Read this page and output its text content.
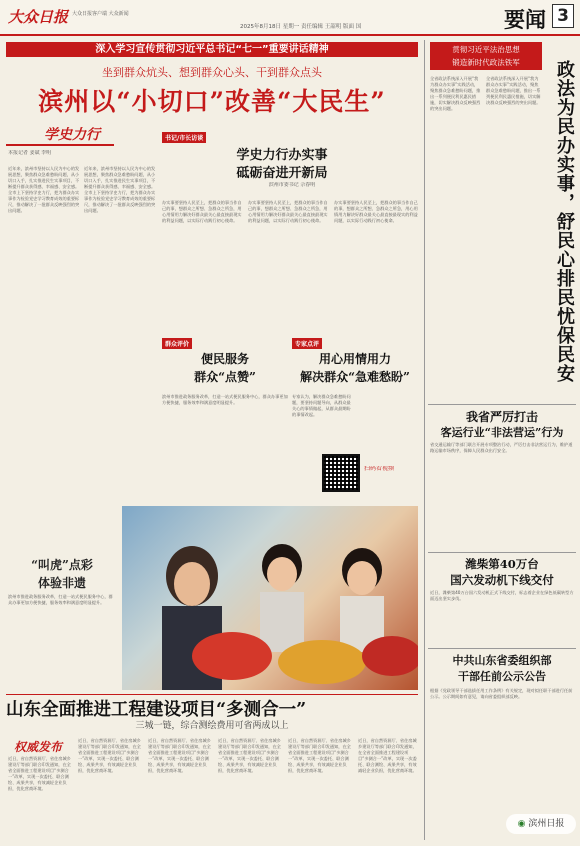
大众日报 大众日报客户端 大众新闻
2025年8月18日 星期一 责任编辑 王韶明 版面 国	要闻 3
深入学习宣传贯彻习近平总书记“七一”重要讲话精神
坐到群众炕头、想到群众心头、干到群众点头
滨州以“小切口”改善“大民生”
学史力行
本报记者 姜斌 李明
近年来，滨州市坚持以人民为中心的发展思想，聚焦群众急难愁盼问题，从小切口入手，扎实推进民生实事项目，不断提升群众获得感、幸福感、安全感。全市上下坚持学史力行，把为群众办实事作为检验党史学习教育成效的重要标尺，推动解决了一批群众反映强烈的突出问题。
近年来，滨州市坚持以人民为中心的发展思想，聚焦群众急难愁盼问题，从小切口入手，扎实推进民生实事项目，不断提升群众获得感、幸福感、安全感。全市上下坚持学史力行，把为群众办实事作为检验党史学习教育成效的重要标尺，推动解决了一批群众反映强烈的突出问题。
书记/市长访谈
学史力行办实事
砥砺奋进开新局
滨州市委书记 佘春明
办实事要坚持人民至上，把群众的事当作自己的事，想群众之所想、急群众之所急，用心用情用力解决好群众最关心最直接最现实的利益问题，以实际行动践行初心使命。
办实事要坚持人民至上，把群众的事当作自己的事，想群众之所想、急群众之所急，用心用情用力解决好群众最关心最直接最现实的利益问题，以实际行动践行初心使命。
办实事要坚持人民至上，把群众的事当作自己的事，想群众之所想、急群众之所急，用心用情用力解决好群众最关心最直接最现实的利益问题，以实际行动践行初心使命。
群众评价
便民服务
群众“点赞”
滨州市推进政务服务改革，打造一站式便民服务中心，群众办事更加方便快捷，服务效率和满意度明显提升。
专家点评
用心用情用力
解决群众“急难愁盼”
专家认为，解决群众急难愁盼问题，要坚持问题导向，从群众最关心的事情做起，从群众最期盼的事情改起。
扫码看视频
“叫虎”点彩
体验非遗
滨州市推进政务服务改革，打造一站式便民服务中心，群众办事更加方便快捷，服务效率和满意度明显提升。
山东全面推进工程建设项目“多测合一”
三城一链，综合测绘费用可省两成以上
权威发布
近日，省自然资源厅、省住房城乡建设厅等部门联合印发通知，在全省全面推进工程建设项目“多测合一”改革，实现一次委托、联合测绘、成果共享，有效减轻企业负担，优化营商环境。
近日，省自然资源厅、省住房城乡建设厅等部门联合印发通知，在全省全面推进工程建设项目“多测合一”改革，实现一次委托、联合测绘、成果共享，有效减轻企业负担，优化营商环境。
近日，省自然资源厅、省住房城乡建设厅等部门联合印发通知，在全省全面推进工程建设项目“多测合一”改革，实现一次委托、联合测绘、成果共享，有效减轻企业负担，优化营商环境。
近日，省自然资源厅、省住房城乡建设厅等部门联合印发通知，在全省全面推进工程建设项目“多测合一”改革，实现一次委托、联合测绘、成果共享，有效减轻企业负担，优化营商环境。
近日，省自然资源厅、省住房城乡建设厅等部门联合印发通知，在全省全面推进工程建设项目“多测合一”改革，实现一次委托、联合测绘、成果共享，有效减轻企业负担，优化营商环境。
近日，省自然资源厅、省住房城乡建设厅等部门联合印发通知，在全省全面推进工程建设项目“多测合一”改革，实现一次委托、联合测绘、成果共享，有效减轻企业负担，优化营商环境。
贯彻习近平法治思想
锻造新时代政法铁军	政法为民办实事，舒民心排民忧保民安
全省政法系统深入开展“我为群众办实事”实践活动，聚焦群众急难愁盼问题，推出一系列便民利民惠民措施，切实解决群众反映强烈的突出问题。
全省政法系统深入开展“我为群众办实事”实践活动，聚焦群众急难愁盼问题，推出一系列便民利民惠民措施，切实解决群众反映强烈的突出问题。
我省严厉打击
客运行业“非法营运”行为
省交通运输厅等部门联合开展专项整治行动，严厉打击非法营运行为，维护道路运输市场秩序，保障人民群众出行安全。
潍柴第40万台
国六发动机下线交付
近日，潍柴第40万台国六发动机正式下线交付，标志着企业在绿色低碳转型方面迈出坚实步伐。
中共山东省委组织部
干部任前公示公告
根据《党政领导干部选拔任用工作条例》有关规定，现对拟任职干部进行任前公示。公示期间如有意见，请向省委组织部反映。
◉ 滨州日报
